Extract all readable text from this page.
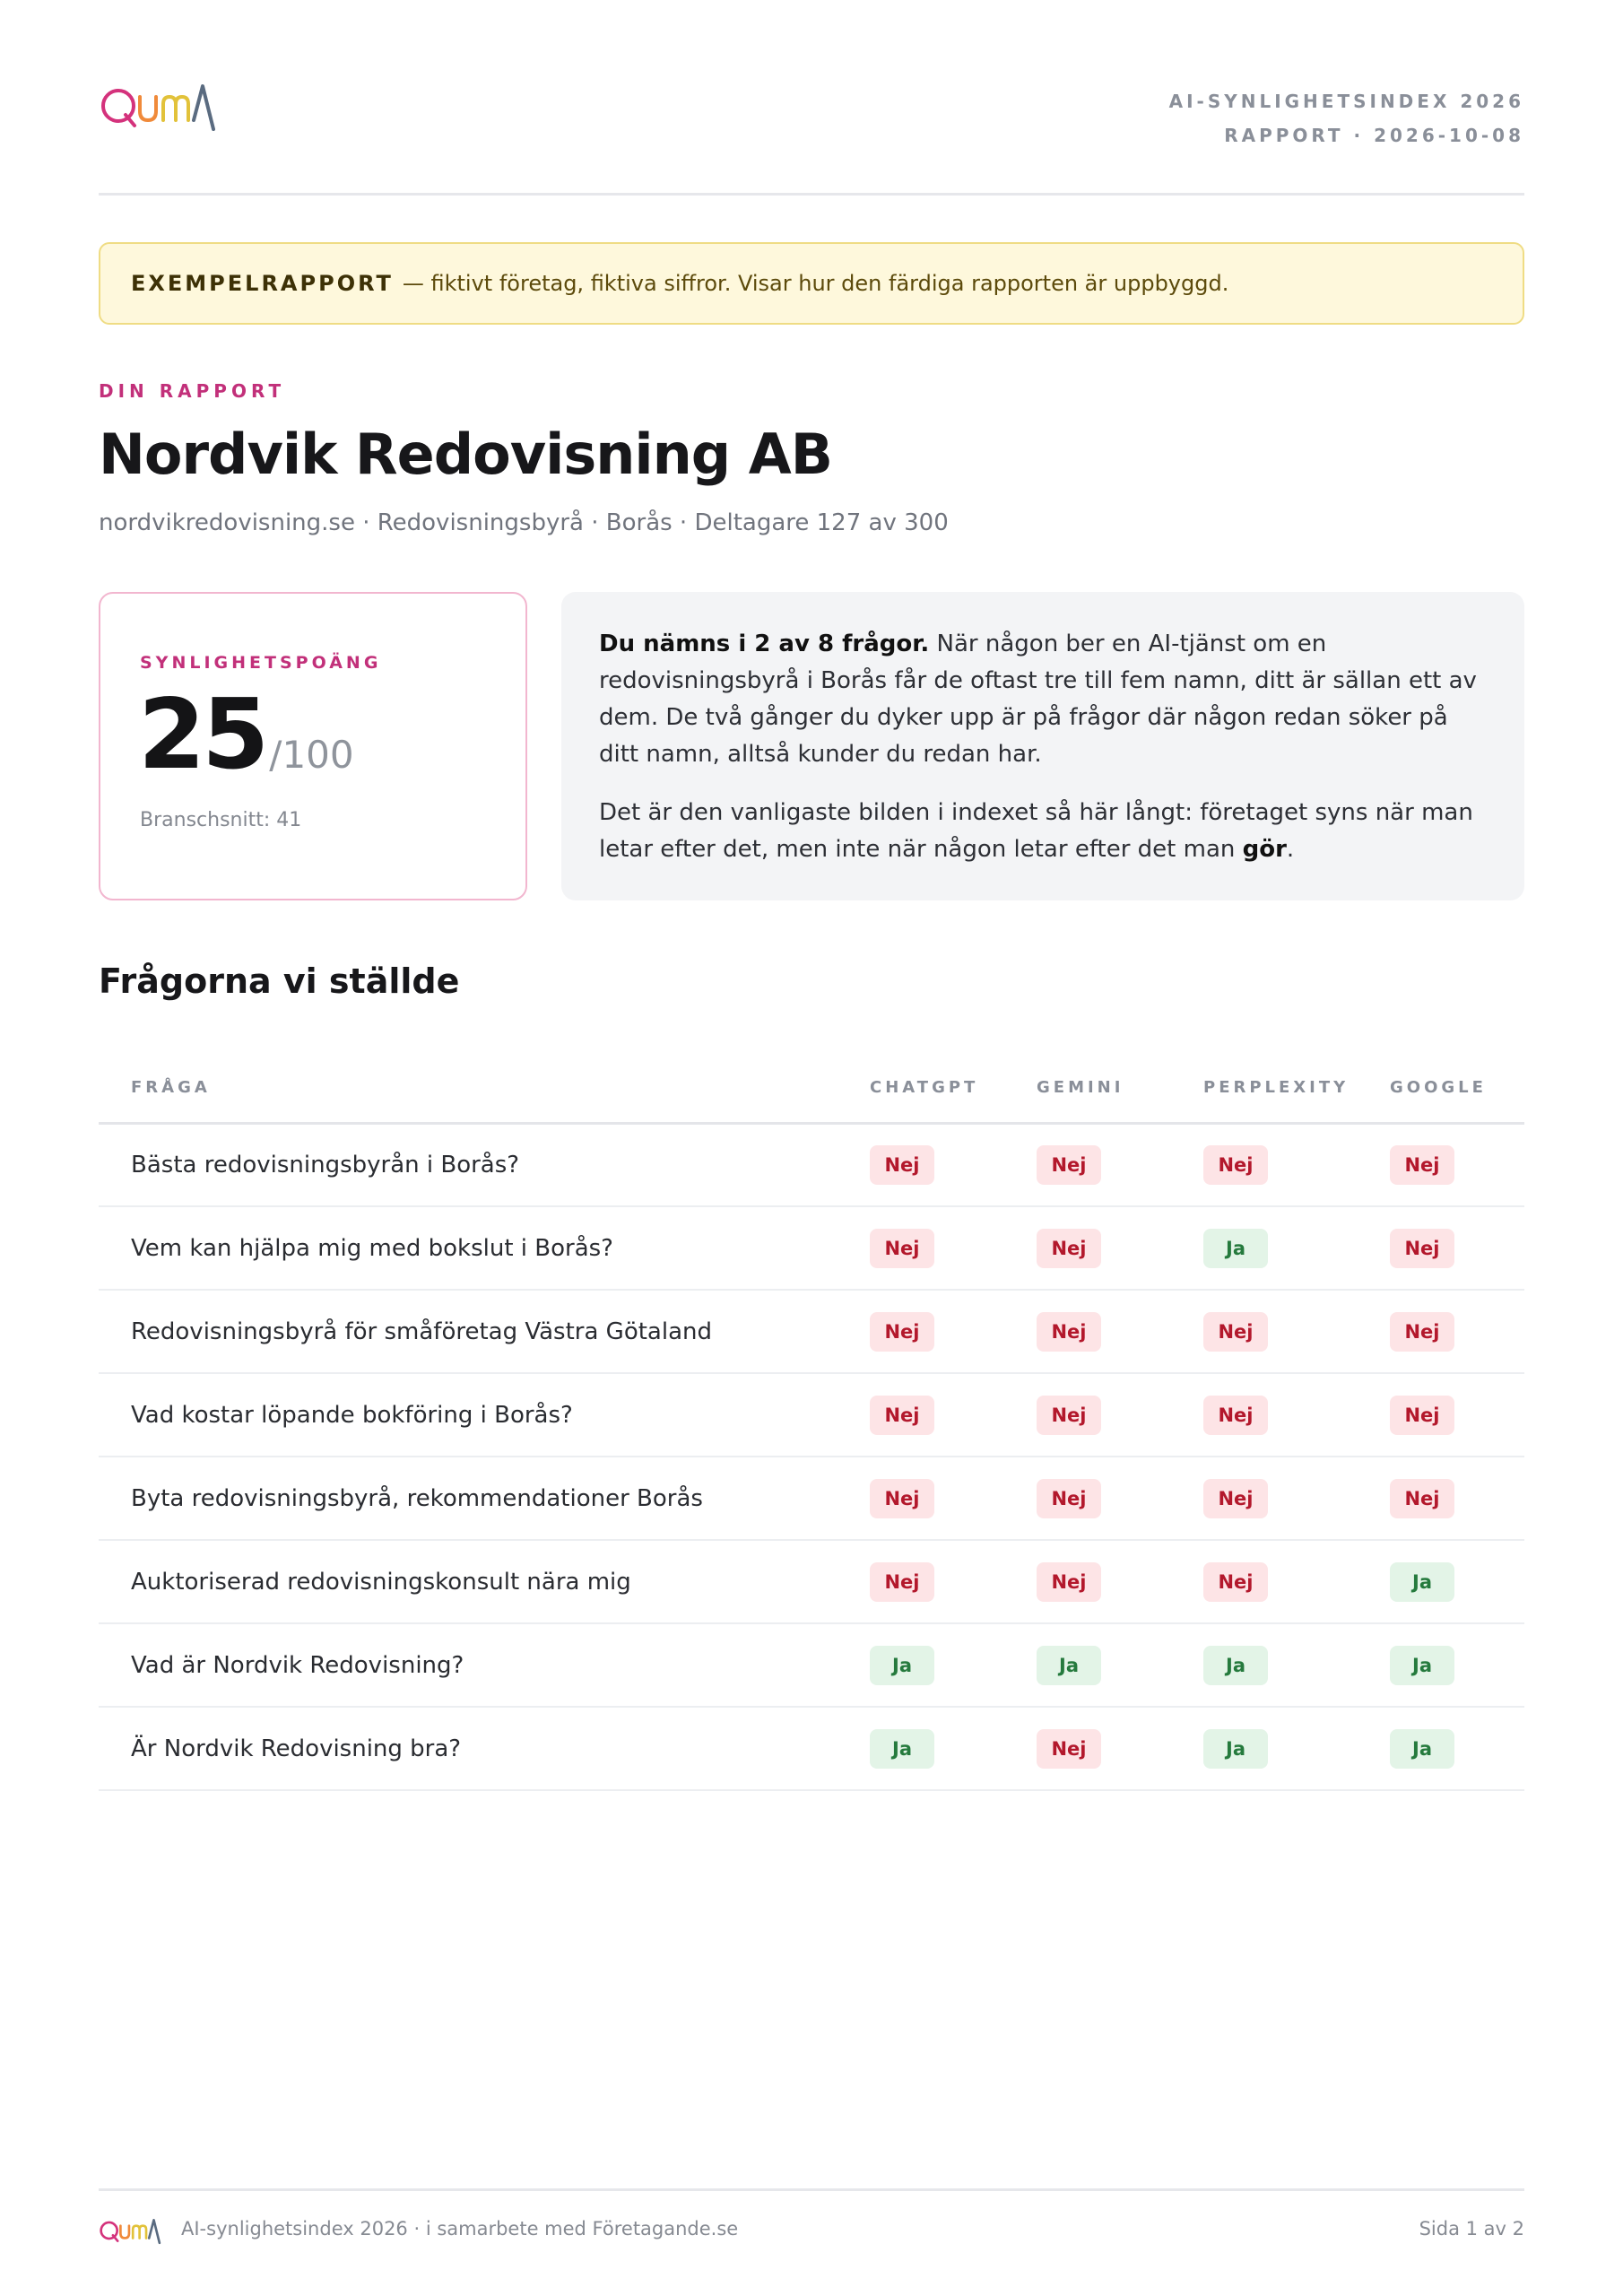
AI-SYNLIGHETSINDEX 2026
RAPPORT · 2026-10-08
EXEMPELRAPPORT — fiktivt företag, fiktiva siffror. Visar hur den färdiga rapporten är uppbyggd.
DIN RAPPORT
Nordvik Redovisning AB
nordvikredovisning.se · Redovisningsbyrå · Borås · Deltagare 127 av 300
SYNLIGHETSPOÄNG
25 /100
Branschsnitt: 41

Du nämns i 2 av 8 frågor. När någon ber en AI-tjänst om en redovisningsbyrå i Borås får de oftast tre till fem namn, ditt är sällan ett av dem. De två gånger du dyker upp är på frågor där någon redan söker på ditt namn, alltså kunder du redan har.

Det är den vanligaste bilden i indexet så här långt: företaget syns när man letar efter det, men inte när någon letar efter det man gör.

Frågorna vi ställde
FRÅGA	CHATGPT	GEMINI	PERPLEXITY	GOOGLE
Bästa redovisningsbyrån i Borås?	Nej	Nej	Nej	Nej
Vem kan hjälpa mig med bokslut i Borås?	Nej	Nej	Ja	Nej
Redovisningsbyrå för småföretag Västra Götaland	Nej	Nej	Nej	Nej
Vad kostar löpande bokföring i Borås?	Nej	Nej	Nej	Nej
Byta redovisningsbyrå, rekommendationer Borås	Nej	Nej	Nej	Nej
Auktoriserad redovisningskonsult nära mig	Nej	Nej	Nej	Ja
Vad är Nordvik Redovisning?	Ja	Ja	Ja	Ja
Är Nordvik Redovisning bra?	Ja	Nej	Ja	Ja
AI-synlighetsindex 2026 · i samarbete med Företagande.se	Sida 1 av 2
